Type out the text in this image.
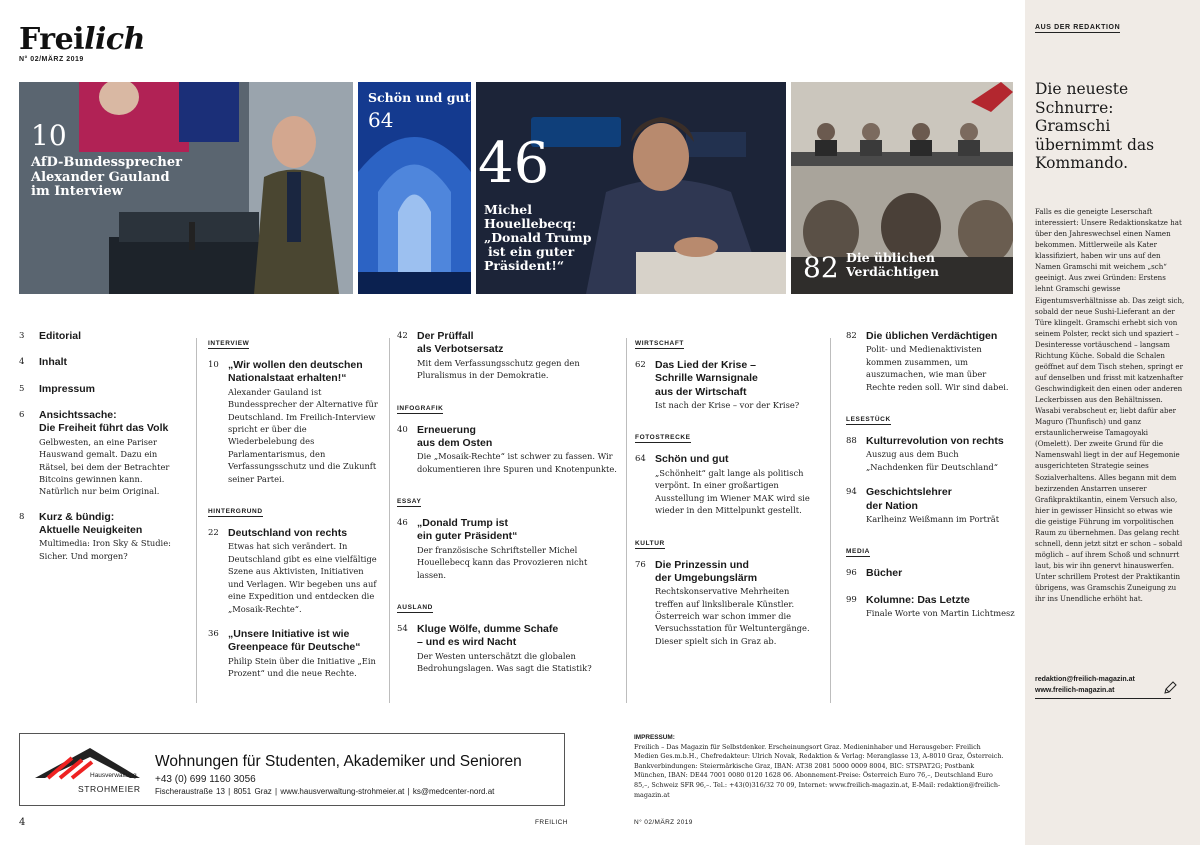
Freilich
N° 02/MÄRZ 2019
10
AfD-Bundessprecher
Alexander Gauland
im Interview
Schön und gut
64
46
Michel
Houellebecq:
„Donald Trump
ist ein guter
Präsident!“	82 Die üblichen
Verdächtigen
3 Editorial
4 Inhalt
5 Impressum
6 Ansichtssache:
Die Freiheit führt das Volk
Gelbwesten, an eine Pariser Hauswand gemalt. Dazu ein Rätsel, bei dem der Betrachter Bitcoins gewinnen kann. Natürlich nur beim Original.
8 Kurz & bündig:
Aktuelle Neuigkeiten
Multimedia: Iron Sky & Studie: Sicher. Und morgen?
INTERVIEW
10 „Wir wollen den deutschen Nationalstaat erhalten!“
Alexander Gauland ist Bundessprecher der Alternative für Deutschland. Im Freilich-Interview spricht er über die Wiederbelebung des Parlamentarismus, den Verfassungsschutz und die Zukunft seiner Partei.
HINTERGRUND
22 Deutschland von rechts
Etwas hat sich verändert. In Deutschland gibt es eine vielfältige Szene aus Aktivisten, Initiativen und Verlagen. Wir begeben uns auf eine Expedition und entdecken die „Mosaik-Rechte“.
36 „Unsere Initiative ist wie Greenpeace für Deutsche“
Philip Stein über die Initiative „Ein Prozent“ und die neue Rechte.
42 Der Prüffall
als Verbotsersatz
Mit dem Verfassungsschutz gegen den Pluralismus in der Demokratie.
INFOGRAFIK
40 Erneuerung
aus dem Osten
Die „Mosaik-Rechte“ ist schwer zu fassen. Wir dokumentieren ihre Spuren und Knotenpunkte.
ESSAY
46 „Donald Trump ist
ein guter Präsident“
Der französische Schriftsteller Michel Houellebecq kann das Provozieren nicht lassen.
AUSLAND
54 Kluge Wölfe, dumme Schafe
– und es wird Nacht
Der Westen unterschätzt die globalen Bedrohungslagen. Was sagt die Statistik?
WIRTSCHAFT
62 Das Lied der Krise –
Schrille Warnsignale
aus der Wirtschaft
Ist nach der Krise – vor der Krise?
FOTOSTRECKE
64 Schön und gut
„Schönheit“ galt lange als politisch verpönt. In einer großartigen Ausstellung im Wiener MAK wird sie wieder in den Mittelpunkt gestellt.
KULTUR
76 Die Prinzessin und
der Umgebungslärm
Rechtskonservative Mehrheiten treffen auf linksliberale Künstler. Österreich war schon immer die Versuchsstation für Weltuntergänge. Dieser spielt sich in Graz ab.
82 Die üblichen Verdächtigen
Polit- und Medienaktivisten kommen zusammen, um auszumachen, wie man über Rechte reden soll. Wir sind dabei.
LESESTÜCK
88 Kulturrevolution von rechts
Auszug aus dem Buch „Nachdenken für Deutschland“
94 Geschichtslehrer
der Nation
Karlheinz Weißmann im Porträt
MEDIA
96 Bücher
99 Kolumne: Das Letzte
Finale Worte von Martin Lichtmesz
Hausverwaltung
STROHMEIER
Wohnungen für Studenten, Akademiker und Senioren
+43 (0) 699 1160 3056
Fischeraustraße 13 | 8051 Graz | www.hausverwaltung-strohmeier.at | ks@medcenter-nord.at
IMPRESSUM:
Freilich – Das Magazin für Selbstdenker. Erscheinungsort Graz. Medieninhaber und Herausgeber: Freilich Medien Ges.m.b.H., Chefredakteur: Ulrich Novak, Redaktion & Verlag: Meranglasse 13, A-8010 Graz, Österreich. Bankverbindungen: Steiermärkische Graz, IBAN: AT38 2081 5000 0009 8004, BIC: STSPAT2G; Postbank München, IBAN: DE44 7001 0080 0120 1628 06. Abonnement-Preise: Österreich Euro 76,–, Deutschland Euro 85,–, Schweiz SFR 96,–. Tel.: +43(0)316/32 70 09, Internet: www.freilich-magazin.at, E-Mail: redaktion@freilich-magazin.at
4	FREILICH	N° 02/MÄRZ 2019
AUS DER REDAKTION
Die neueste Schnurre: Gramschi übernimmt das Kommando.
Falls es die geneigte Leserschaft interessiert: Unsere Redaktionskatze hat über den Jahreswechsel einen Namen bekommen. Mittlerweile als Kater klassifiziert, haben wir uns auf den Namen Gramschi mit weichem „sch“ geeinigt. Aus zwei Gründen: Erstens lehnt Gramschi gewisse Eigentumsverhältnisse ab. Das zeigt sich, sobald der neue Sushi-Lieferant an der Türe klingelt. Gramschi erhebt sich von seinem Polster, reckt sich und spaziert – Desinteresse vortäuschend – langsam Richtung Küche. Sobald die Schalen geöffnet auf dem Tisch stehen, springt er auf denselben und frisst mit katzenhafter Geschwindigkeit den einen oder anderen Leckerbissen aus den Behältnissen. Wasabi verabscheut er, liebt dafür aber Maguro (Thunfisch) und ganz erstaunlicherweise Tamagoyaki (Omelett). Der zweite Grund für die Namenswahl liegt in der auf Hegemonie ausgerichteten Strategie seines Sozialverhaltens. Alles begann mit dem bezirzenden Anstarren unserer Grafikpraktikantin, einem Versuch also, hier in gewisser Hinsicht so etwas wie die geistige Führung im vorpolitischen Raum zu übernehmen. Das gelang recht schnell, denn jetzt sitzt er schon – sobald möglich – auf ihrem Schoß und schnurrt laut, bis wir ihn genervt hinauswerfen. Unter schrillem Protest der Praktikantin übrigens, was Gramschis Zuneigung zu ihr ins Unendliche erhöht hat.
redaktion@freilich-magazin.at
www.freilich-magazin.at
